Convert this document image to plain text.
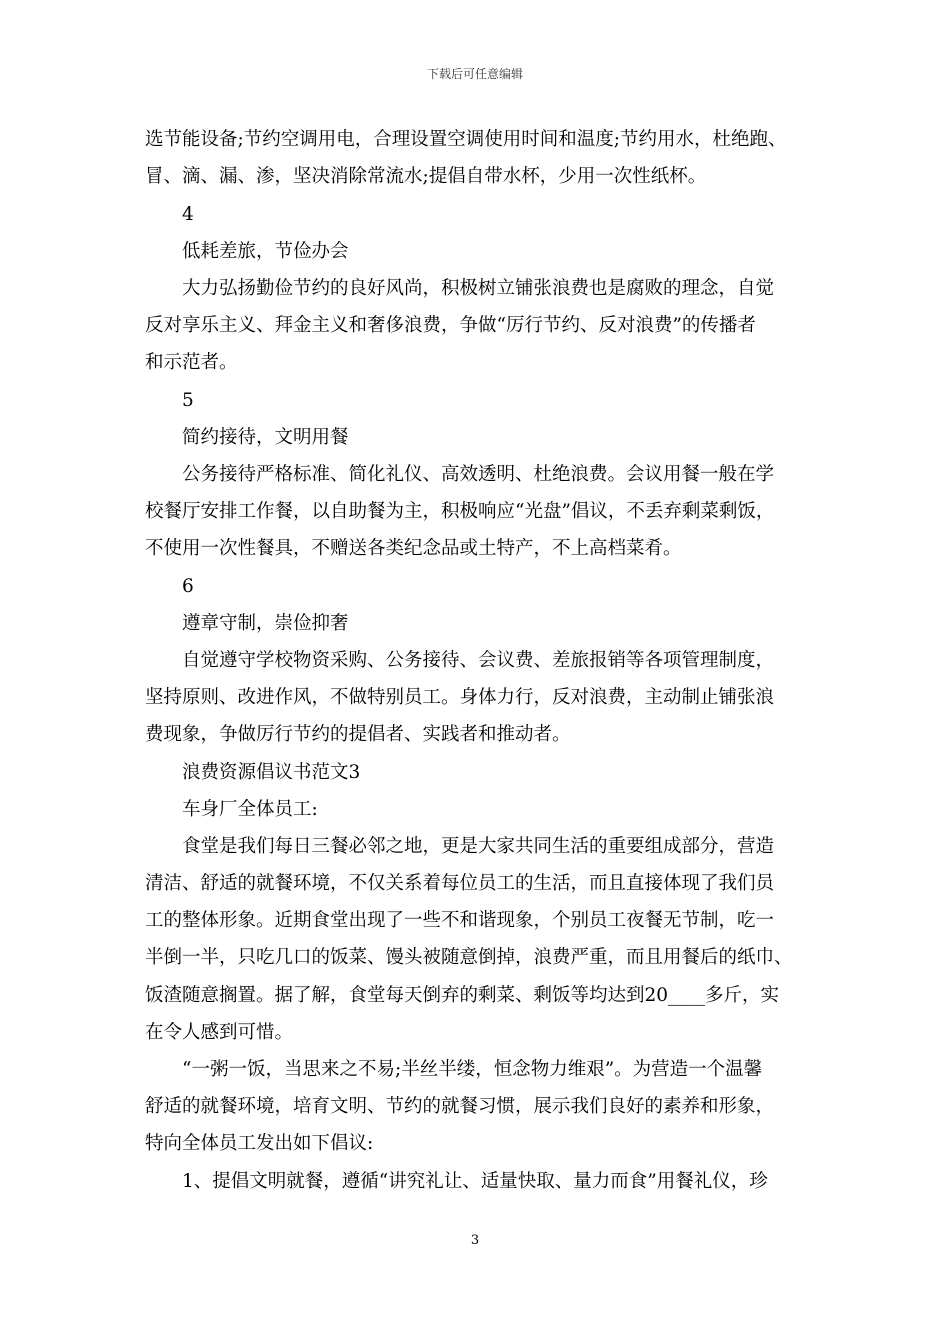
下载后可任意编辑
选节能设备;节约空调用电，合理设置空调使用时间和温度;节约用水，杜绝跑、
冒、滴、漏、渗，坚决消除常流水;提倡自带水杯，少用一次性纸杯。
4
低耗差旅，节俭办会
大力弘扬勤俭节约的良好风尚，积极树立铺张浪费也是腐败的理念，自觉
反对享乐主义、拜金主义和奢侈浪费，争做“厉行节约、反对浪费”的传播者
和示范者。
5
简约接待，文明用餐
公务接待严格标准、简化礼仪、高效透明、杜绝浪费。会议用餐一般在学
校餐厅安排工作餐，以自助餐为主，积极响应“光盘”倡议，不丢弃剩菜剩饭，
不使用一次性餐具，不赠送各类纪念品或土特产，不上高档菜肴。
6
遵章守制，崇俭抑奢
自觉遵守学校物资采购、公务接待、会议费、差旅报销等各项管理制度，
坚持原则、改进作风，不做特别员工。身体力行，反对浪费，主动制止铺张浪
费现象，争做厉行节约的提倡者、实践者和推动者。
浪费资源倡议书范文3
车身厂全体员工:
食堂是我们每日三餐必邻之地，更是大家共同生活的重要组成部分，营造
清洁、舒适的就餐环境，不仅关系着每位员工的生活，而且直接体现了我们员
工的整体形象。近期食堂出现了一些不和谐现象，个别员工夜餐无节制，吃一
半倒一半，只吃几口的饭菜、馒头被随意倒掉，浪费严重，而且用餐后的纸巾、
饭渣随意搁置。据了解，食堂每天倒弃的剩菜、剩饭等均达到20____多斤，实
在令人感到可惜。
“一粥一饭，当思来之不易;半丝半缕，恒念物力维艰”。为营造一个温馨
舒适的就餐环境，培育文明、节约的就餐习惯，展示我们良好的素养和形象，
特向全体员工发出如下倡议:
1、提倡文明就餐，遵循“讲究礼让、适量快取、量力而食”用餐礼仪，珍
3
